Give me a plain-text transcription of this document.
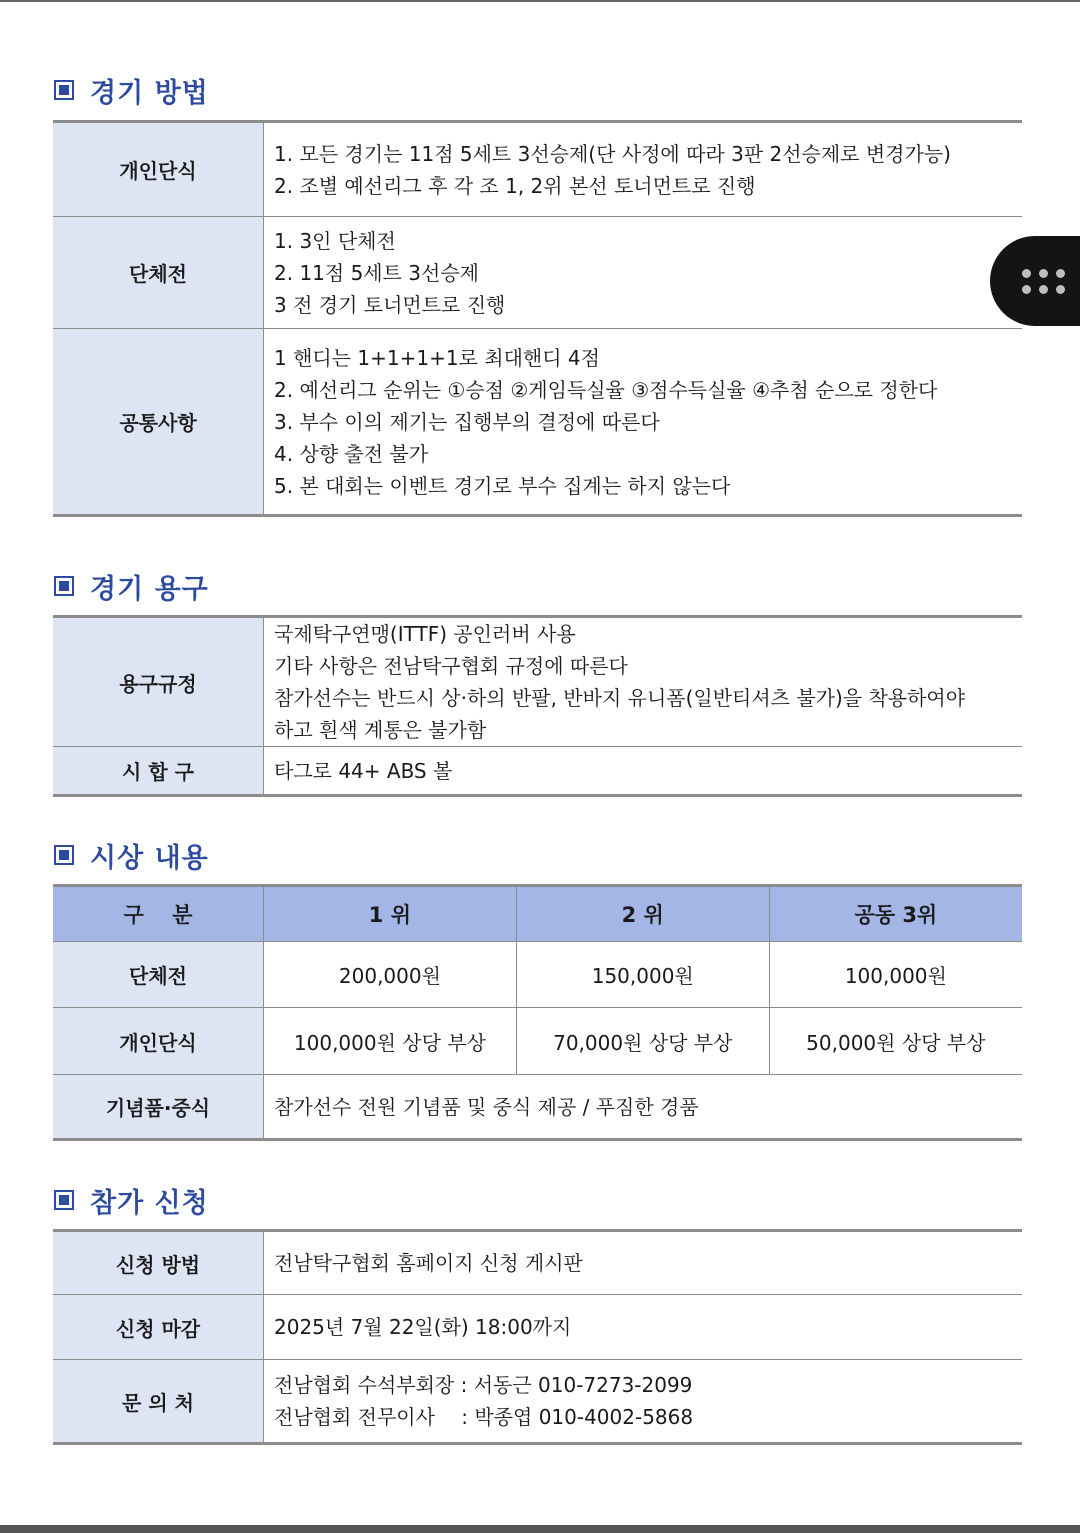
경기 방법
개인단식	1. 모든 경기는 11점 5세트 3선승제(단 사정에 따라 3판 2선승제로 변경가능)
2. 조별 예선리그 후 각 조 1, 2위 본선 토너먼트로 진행

단체전	1. 3인 단체전
2. 11점 5세트 3선승제
3 전 경기 토너먼트로 진행

공통사항	1 핸디는 1+1+1+1로 최대핸디 4점
2. 예선리그 순위는 ①승점 ②게임득실율 ③점수득실율 ④추첨 순으로 정한다
3. 부수 이의 제기는 집행부의 결정에 따른다
4. 상향 출전 불가
5. 본 대회는 이벤트 경기로 부수 집계는 하지 않는다
경기 용구
용구규정	국제탁구연맹(ITTF) 공인러버 사용
기타 사항은 전남탁구협회 규정에 따른다
참가선수는 반드시 상·하의 반팔, 반바지 유니폼(일반티셔츠 불가)을 착용하여야
하고 흰색 계통은 불가함

시 합 구	타그로 44+ ABS 볼
시상 내용
구　 분	1 위	2 위	공동 3위
단체전	200,000원	150,000원	100,000원
개인단식	100,000원 상당 부상	70,000원 상당 부상	50,000원 상당 부상
기념품·중식	참가선수 전원 기념품 및 중식 제공 / 푸짐한 경품		
참가 신청
신청 방법	전남탁구협회 홈페이지 신청 게시판

신청 마감	2025년 7월 22일(화) 18:00까지

문 의 처	전남협회 수석부회장 : 서동근 010-7273-2099
전남협회 전무이사　 : 박종엽 010-4002-5868
